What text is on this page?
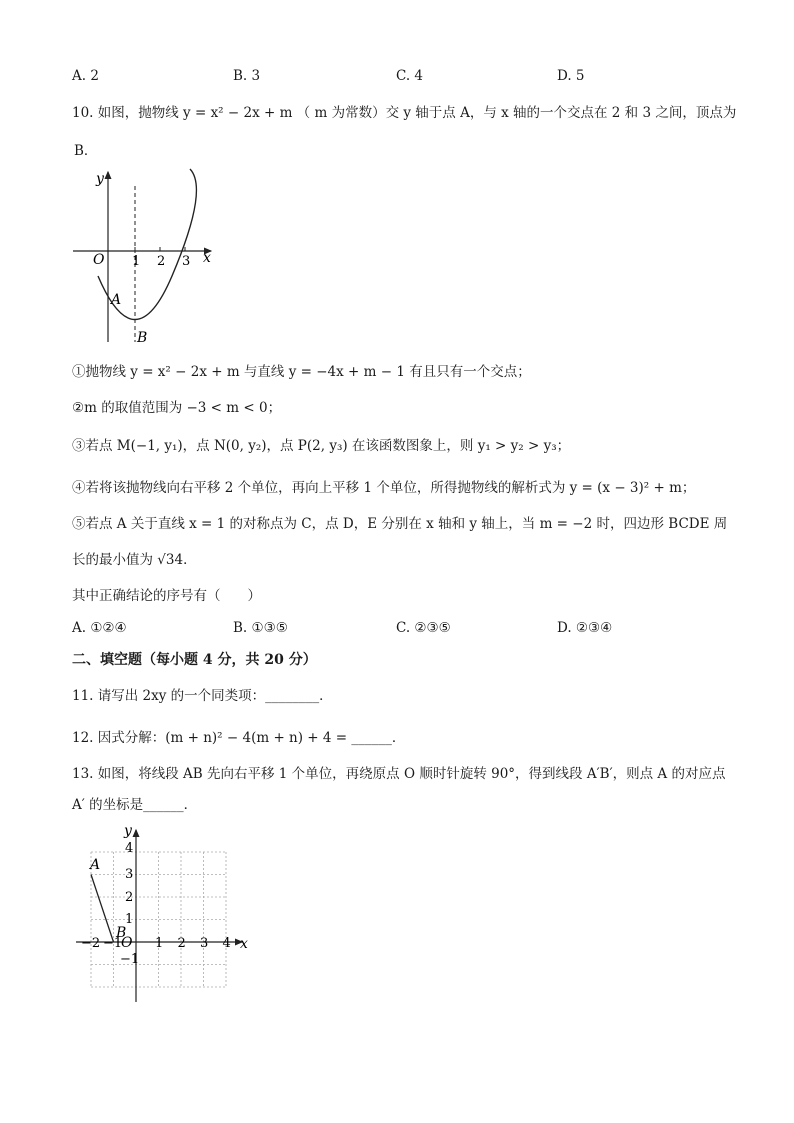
A. 2	B. 3	C. 4	D. 5
10. 如图，抛物线 y = x² − 2x + m （ m 为常数）交 y 轴于点 A，与 x 轴的一个交点在 2 和 3 之间，顶点为
B．
y
x
O 1 2 3
A
B
①抛物线 y = x² − 2x + m 与直线 y = −4x + m − 1 有且只有一个交点；
②m 的取值范围为 −3 < m < 0；
③若点 M(−1, y₁)，点 N(0, y₂)，点 P(2, y₃) 在该函数图象上，则 y₁ > y₂ > y₃；
④若将该抛物线向右平移 2 个单位，再向上平移 1 个单位，所得抛物线的解析式为 y = (x − 3)² + m；
⑤若点 A 关于直线 x = 1 的对称点为 C，点 D，E 分别在 x 轴和 y 轴上，当 m = −2 时，四边形 BCDE 周
长的最小值为 √34．
其中正确结论的序号有（　　）
A. ①②④	B. ①③⑤	C. ②③⑤	D. ②③④
二、填空题（每小题 4 分，共 20 分）
11. 请写出 2xy 的一个同类项：________．
12. 因式分解：(m + n)² − 4(m + n) + 4 = ______．
13. 如图，将线段 AB 先向右平移 1 个单位，再绕原点 O 顺时针旋转 90°，得到线段 A′B′，则点 A 的对应点
A′ 的坐标是______．
y
x
A
B
O
−2 −1	1 2 3 4
4
3
2
1
−1
